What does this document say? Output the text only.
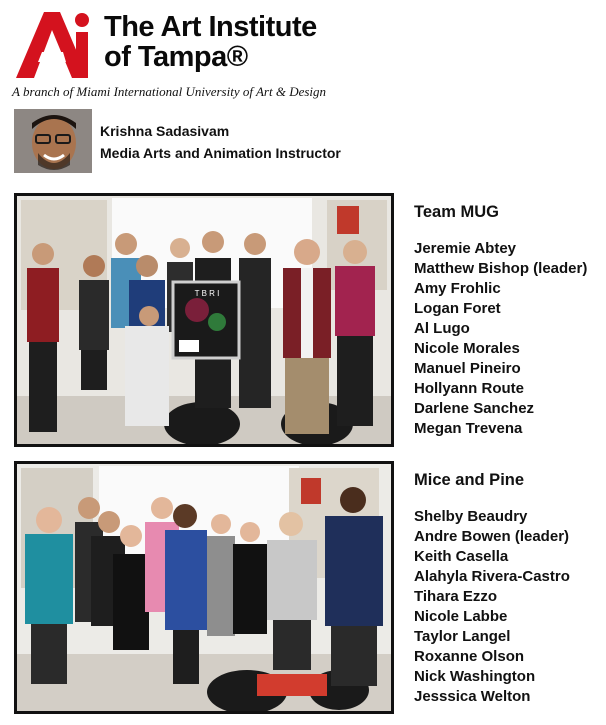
The Art Institute
of Tampa®
A branch of Miami International University of Art & Design
Krishna Sadasivam
Media Arts and Animation Instructor
T B R I
Team MUG
Jeremie Abtey
Matthew Bishop (leader)
Amy Frohlic
Logan Foret
Al Lugo
Nicole Morales
Manuel Pineiro
Hollyann Route
Darlene Sanchez
Megan Trevena
Mice and Pine
Shelby Beaudry
Andre Bowen (leader)
Keith Casella
Alahyla Rivera-Castro
Tihara Ezzo
Nicole Labbe
Taylor Langel
Roxanne Olson
Nick Washington
Jesssica Welton
